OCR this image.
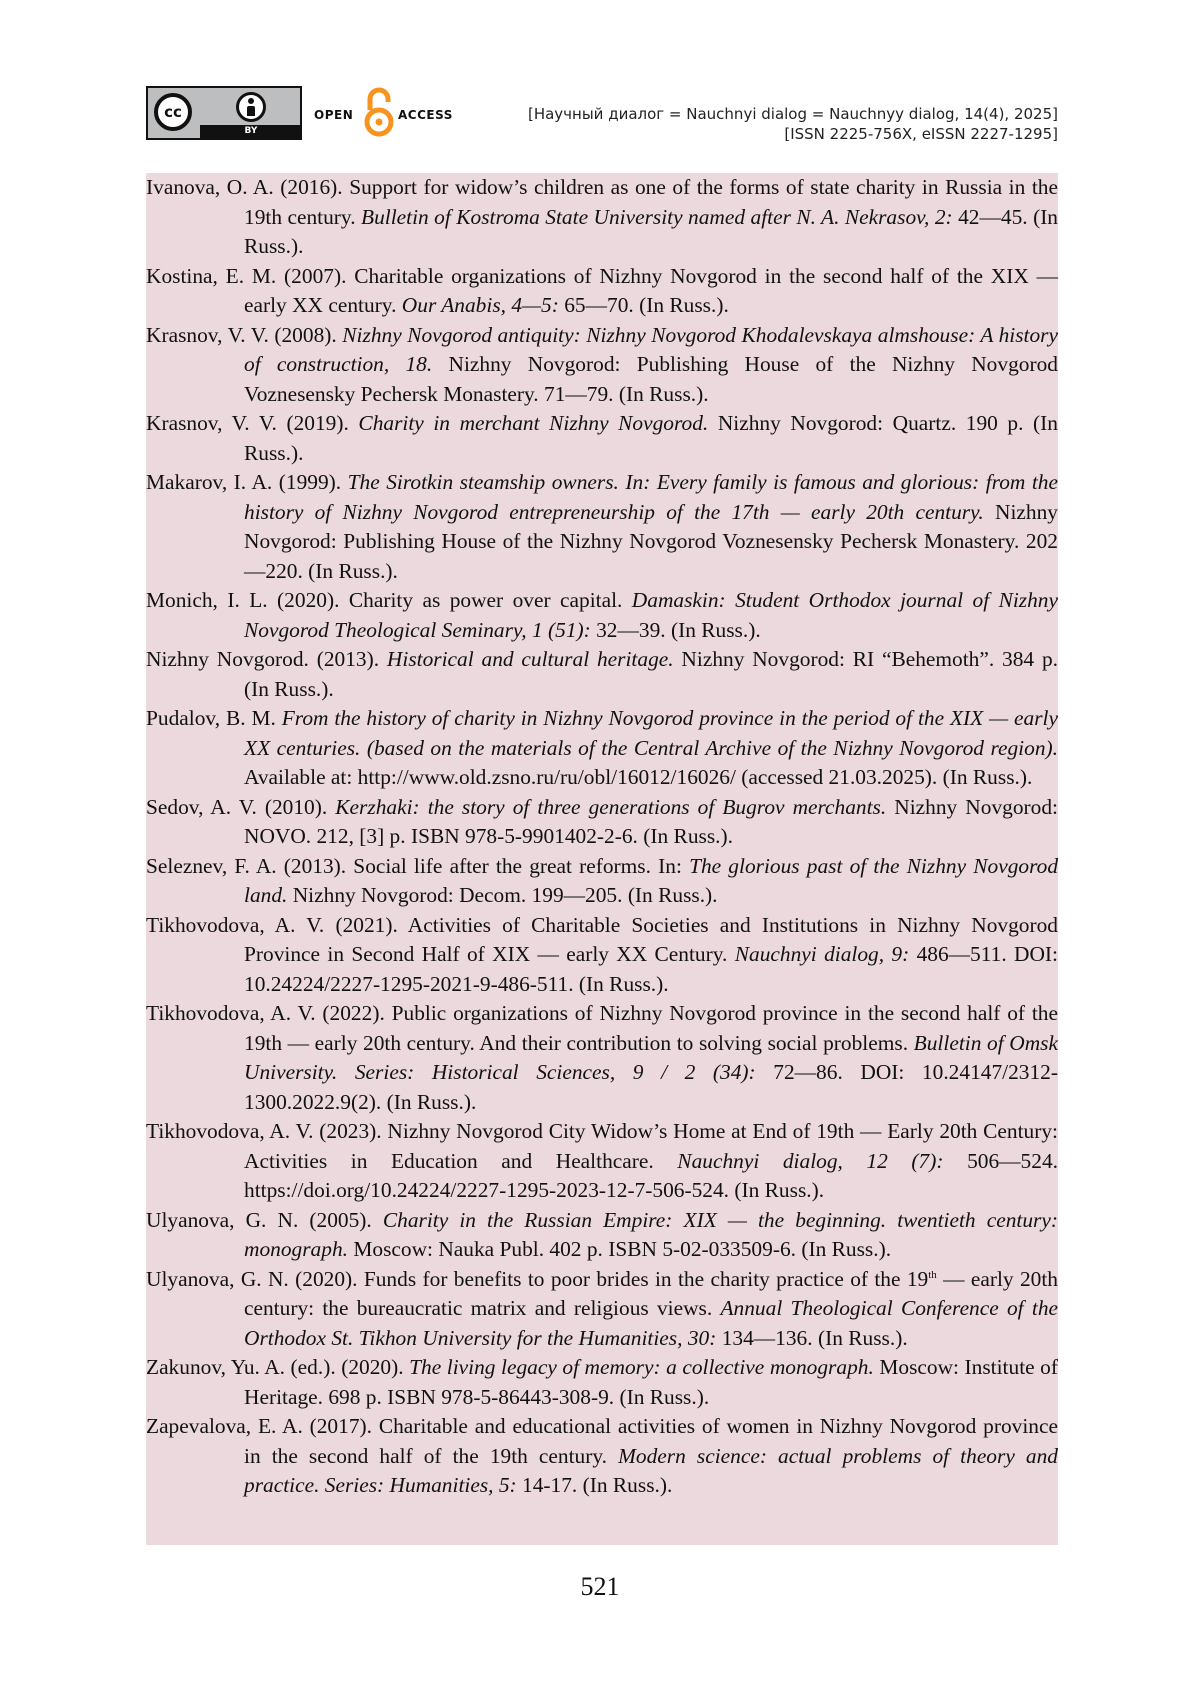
cc
BY
OPEN	ACCESS	[Научный диалог = Nauchnyi dialog = Nauchnyy dialog, 14(4), 2025]
[ISSN 2225-756X, eISSN 2227-1295]
Ivanova, O. A. (2016). Support for widow’s children as one of the forms of state charity in Russia in the 19th century. Bulletin of Kostroma State University named after N. A. Nekrasov, 2: 42—45. (In Russ.).
Kostina, E. M. (2007). Charitable organizations of Nizhny Novgorod in the second half of the XIX — early XX century. Our Anabis, 4—5: 65—70. (In Russ.).
Krasnov, V. V. (2008). Nizhny Novgorod antiquity: Nizhny Novgorod Khodalevskaya almshouse: A history of construction, 18. Nizhny Novgorod: Publishing House of the Nizhny Novgorod Voznesensky Pechersk Monastery. 71—79. (In Russ.).
Krasnov, V. V. (2019). Charity in merchant Nizhny Novgorod. Nizhny Novgorod: Quartz. 190 p. (In Russ.).
Makarov, I. A. (1999). The Sirotkin steamship owners. In: Every family is famous and glorious: from the history of Nizhny Novgorod entrepreneurship of the 17th — early 20th century. Nizhny Novgorod: Publishing House of the Nizhny Novgorod Voznesensky Pechersk Monastery. 202—220. (In Russ.).
Monich, I. L. (2020). Charity as power over capital. Damaskin: Student Orthodox journal of Nizhny Novgorod Theological Seminary, 1 (51): 32—39. (In Russ.).
Nizhny Novgorod. (2013). Historical and cultural heritage. Nizhny Novgorod: RI “Behemoth”. 384 p. (In Russ.).
Pudalov, B. M. From the history of charity in Nizhny Novgorod province in the period of the XIX — early XX centuries. (based on the materials of the Central Archive of the Nizhny Novgorod region). Available at: http://www.old.zsno.ru/ru/obl/16012/16026/ (accessed 21.03.2025). (In Russ.).
Sedov, A. V. (2010). Kerzhaki: the story of three generations of Bugrov merchants. Nizhny Novgorod: NOVO. 212, [3] p. ISBN 978-5-9901402-2-6. (In Russ.).
Seleznev, F. A. (2013). Social life after the great reforms. In: The glorious past of the Nizhny Novgorod land. Nizhny Novgorod: Decom. 199—205. (In Russ.).
Tikhovodova, A. V. (2021). Activities of Charitable Societies and Institutions in Nizhny Novgorod Province in Second Half of XIX — early XX Century. Nauchnyi dialog, 9: 486—511. DOI: 10.24224/2227-1295-2021-9-486-511. (In Russ.).
Tikhovodova, A. V. (2022). Public organizations of Nizhny Novgorod province in the second half of the 19th — early 20th century. And their contribution to solving social problems. Bulletin of Omsk University. Series: Historical Sciences, 9 / 2 (34): 72—86. DOI: 10.24147/2312-1300.2022.9(2). (In Russ.).
Tikhovodova, A. V. (2023). Nizhny Novgorod City Widow’s Home at End of 19th — Early 20th Century: Activities in Education and Healthcare. Nauchnyi dialog, 12 (7): 506—524. https://doi.org/10.24224/2227-1295-2023-12-7-506-524. (In Russ.).
Ulyanova, G. N. (2005). Charity in the Russian Empire: XIX — the beginning. twentieth century: monograph. Moscow: Nauka Publ. 402 p. ISBN 5-02-033509-6. (In Russ.).
Ulyanova, G. N. (2020). Funds for benefits to poor brides in the charity practice of the 19th — early 20th century: the bureaucratic matrix and religious views. Annual Theological Conference of the Orthodox St. Tikhon University for the Humanities, 30: 134—136. (In Russ.).
Zakunov, Yu. A. (ed.). (2020). The living legacy of memory: a collective monograph. Moscow: Institute of Heritage. 698 p. ISBN 978-5-86443-308-9. (In Russ.).
Zapevalova, E. A. (2017). Charitable and educational activities of women in Nizhny Novgorod province in the second half of the 19th century. Modern science: actual problems of theory and practice. Series: Humanities, 5: 14-17. (In Russ.).
521
